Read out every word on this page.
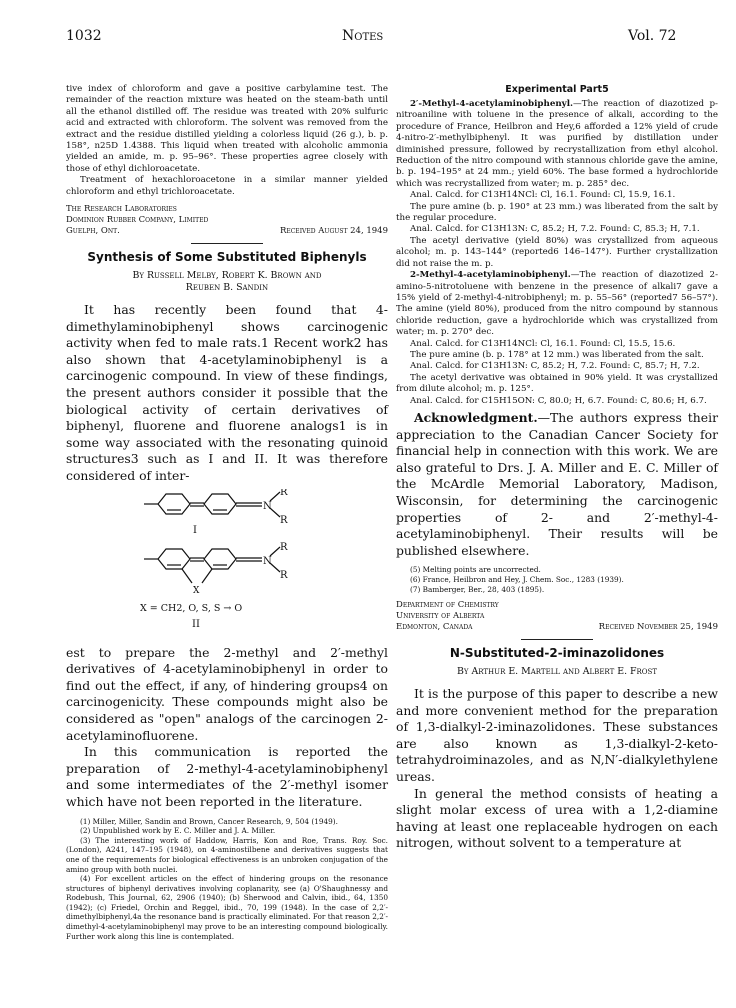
1032	Notes	Vol. 72

tive index of chloroform and gave a positive carbylamine test. The remainder of the reaction mixture was heated on the steam-bath until all the ethanol distilled off. The residue was treated with 20% sulfuric acid and extracted with chloroform. The solvent was removed from the extract and the residue distilled yielding a colorless liquid (26 g.), b. p. 158°, n25D 1.4388. This liquid when treated with alcoholic ammonia yielded an amide, m. p. 95–96°. These properties agree closely with those of ethyl dichloroacetate.

Treatment of hexachloroacetone in a similar manner yielded chloroform and ethyl trichloroacetate.

The Research Laboratories
Dominion Rubber Company, Limited
Guelph, Ont.	Received August 24, 1949
Synthesis of Some Substituted Biphenyls
By Russell Melby, Robert K. Brown and
Reuben B. Sandin

It has recently been found that 4-dimethylaminobiphenyl shows carcinogenic activity when fed to male rats.1 Recent work2 has also shown that 4-acetylaminobiphenyl is a carcinogenic compound. In view of these findings, the present authors consider it possible that the biological activity of certain derivatives of biphenyl, fluorene and fluorene analogs1 is in some way associated with the resonating quinoid structures3 such as I and II. It was therefore considered of inter-

N
R
R
I
N
R
R
X
X = CH2, O, S, S → O
II

est to prepare the 2-methyl and 2′-methyl derivatives of 4-acetylaminobiphenyl in order to find out the effect, if any, of hindering groups4 on carcinogenicity. These compounds might also be considered as "open" analogs of the carcinogen 2-acetylaminofluorene.

In this communication is reported the preparation of 2-methyl-4-acetylaminobiphenyl and some intermediates of the 2′-methyl isomer which have not been reported in the literature.

(1) Miller, Miller, Sandin and Brown, Cancer Research, 9, 504 (1949).

(2) Unpublished work by E. C. Miller and J. A. Miller.

(3) The interesting work of Haddow, Harris, Kon and Roe, Trans. Roy. Soc. (London), A241, 147–195 (1948), on 4-aminostilbene and derivatives suggests that one of the requirements for biological effectiveness is an unbroken conjugation of the amino group with both nuclei.

(4) For excellent articles on the effect of hindering groups on the resonance structures of biphenyl derivatives involving coplanarity, see (a) O'Shaughnessy and Rodebush, This Journal, 62, 2906 (1940); (b) Sherwood and Calvin, ibid., 64, 1350 (1942); (c) Friedel, Orchin and Reggel, ibid., 70, 199 (1948). In the case of 2,2′-dimethylbiphenyl,4a the resonance band is practically eliminated. For that reason 2,2′-dimethyl-4-acetylaminobiphenyl may prove to be an interesting compound biologically. Further work along this line is contemplated.

Experimental Part5

2′-Methyl-4-acetylaminobiphenyl.—The reaction of diazotized p-nitroaniline with toluene in the presence of alkali, according to the procedure of France, Heilbron and Hey,6 afforded a 12% yield of crude 4-nitro-2′-methylbiphenyl. It was purified by distillation under diminished pressure, followed by recrystallization from ethyl alcohol. Reduction of the nitro compound with stannous chloride gave the amine, b. p. 194–195° at 24 mm.; yield 60%. The base formed a hydrochloride which was recrystallized from water; m. p. 285° dec.

Anal. Calcd. for C13H14NCl: Cl, 16.1. Found: Cl, 15.9, 16.1.

The pure amine (b. p. 190° at 23 mm.) was liberated from the salt by the regular procedure.

Anal. Calcd. for C13H13N: C, 85.2; H, 7.2. Found: C, 85.3; H, 7.1.

The acetyl derivative (yield 80%) was crystallized from aqueous alcohol; m. p. 143–144° (reported6 146–147°). Further crystallization did not raise the m. p.

2-Methyl-4-acetylaminobiphenyl.—The reaction of diazotized 2-amino-5-nitrotoluene with benzene in the presence of alkali7 gave a 15% yield of 2-methyl-4-nitrobiphenyl; m. p. 55–56° (reported7 56–57°). The amine (yield 80%), produced from the nitro compound by stannous chloride reduction, gave a hydrochloride which was crystallized from water; m. p. 270° dec.

Anal. Calcd. for C13H14NCl: Cl, 16.1. Found: Cl, 15.5, 15.6.

The pure amine (b. p. 178° at 12 mm.) was liberated from the salt.

Anal. Calcd. for C13H13N: C, 85.2; H, 7.2. Found: C, 85.7; H, 7.2.

The acetyl derivative was obtained in 90% yield. It was crystallized from dilute alcohol; m. p. 125°.

Anal. Calcd. for C15H15ON: C, 80.0; H, 6.7. Found: C, 80.6; H, 6.7.

Acknowledgment.—The authors express their appreciation to the Canadian Cancer Society for financial help in connection with this work. We are also grateful to Drs. J. A. Miller and E. C. Miller of the McArdle Memorial Laboratory, Madison, Wisconsin, for determining the carcinogenic properties of 2- and 2′-methyl-4-acetylaminobiphenyl. Their results will be published elsewhere.

(5) Melting points are uncorrected.

(6) France, Heilbron and Hey, J. Chem. Soc., 1283 (1939).

(7) Bamberger, Ber., 28, 403 (1895).

Department of Chemistry
University of Alberta
Edmonton, Canada	Received November 25, 1949
N-Substituted-2-iminazolidones
By Arthur E. Martell and Albert E. Frost

It is the purpose of this paper to describe a new and more convenient method for the preparation of 1,3-dialkyl-2-iminazolidones. These substances are also known as 1,3-dialkyl-2-keto-tetrahydroiminazoles, and as N,N′-dialkylethylene ureas.

In general the method consists of heating a slight molar excess of urea with a 1,2-diamine having at least one replaceable hydrogen on each nitrogen, without solvent to a temperature at
